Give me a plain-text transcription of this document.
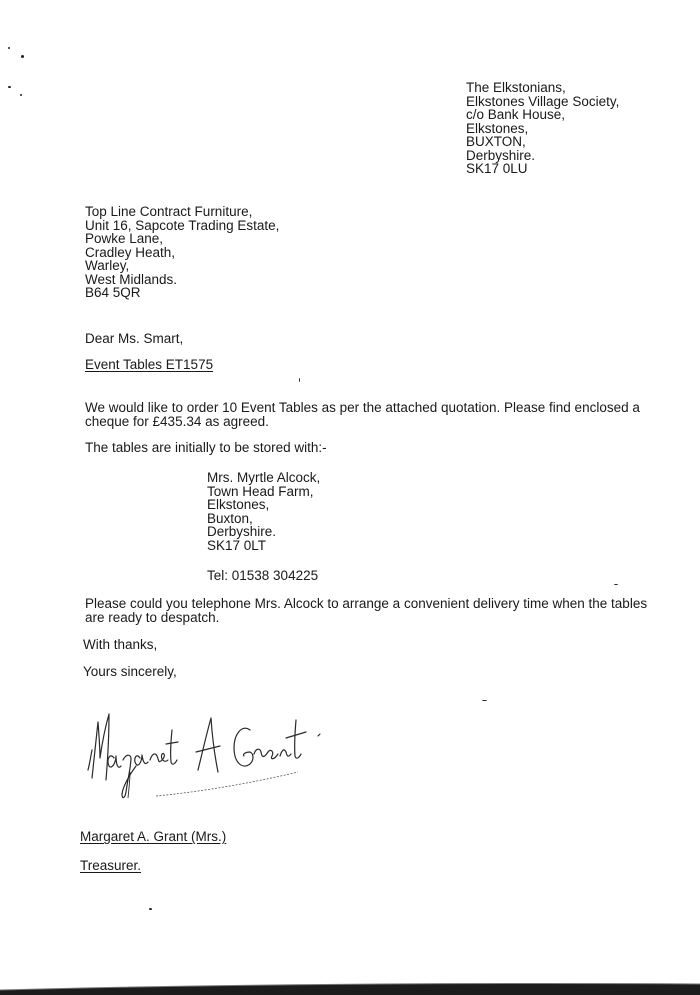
The Elkstonians,
Elkstones Village Society,
c/o Bank House,
Elkstones,
BUXTON,
Derbyshire.
SK17 0LU
Top Line Contract Furniture,
Unit 16, Sapcote Trading Estate,
Powke Lane,
Cradley Heath,
Warley,
West Midlands.
B64 5QR
Dear Ms. Smart,
Event Tables ET1575
We would like to order 10 Event Tables as per the attached quotation. Please find enclosed a
cheque for £435.34 as agreed.
The tables are initially to be stored with:-
Mrs. Myrtle Alcock,
Town Head Farm,
Elkstones,
Buxton,
Derbyshire.
SK17 0LT
Tel: 01538 304225
Please could you telephone Mrs. Alcock to arrange a convenient delivery time when the tables
are ready to despatch.
With thanks,
Yours sincerely,
Margaret A. Grant (Mrs.)
Treasurer.
